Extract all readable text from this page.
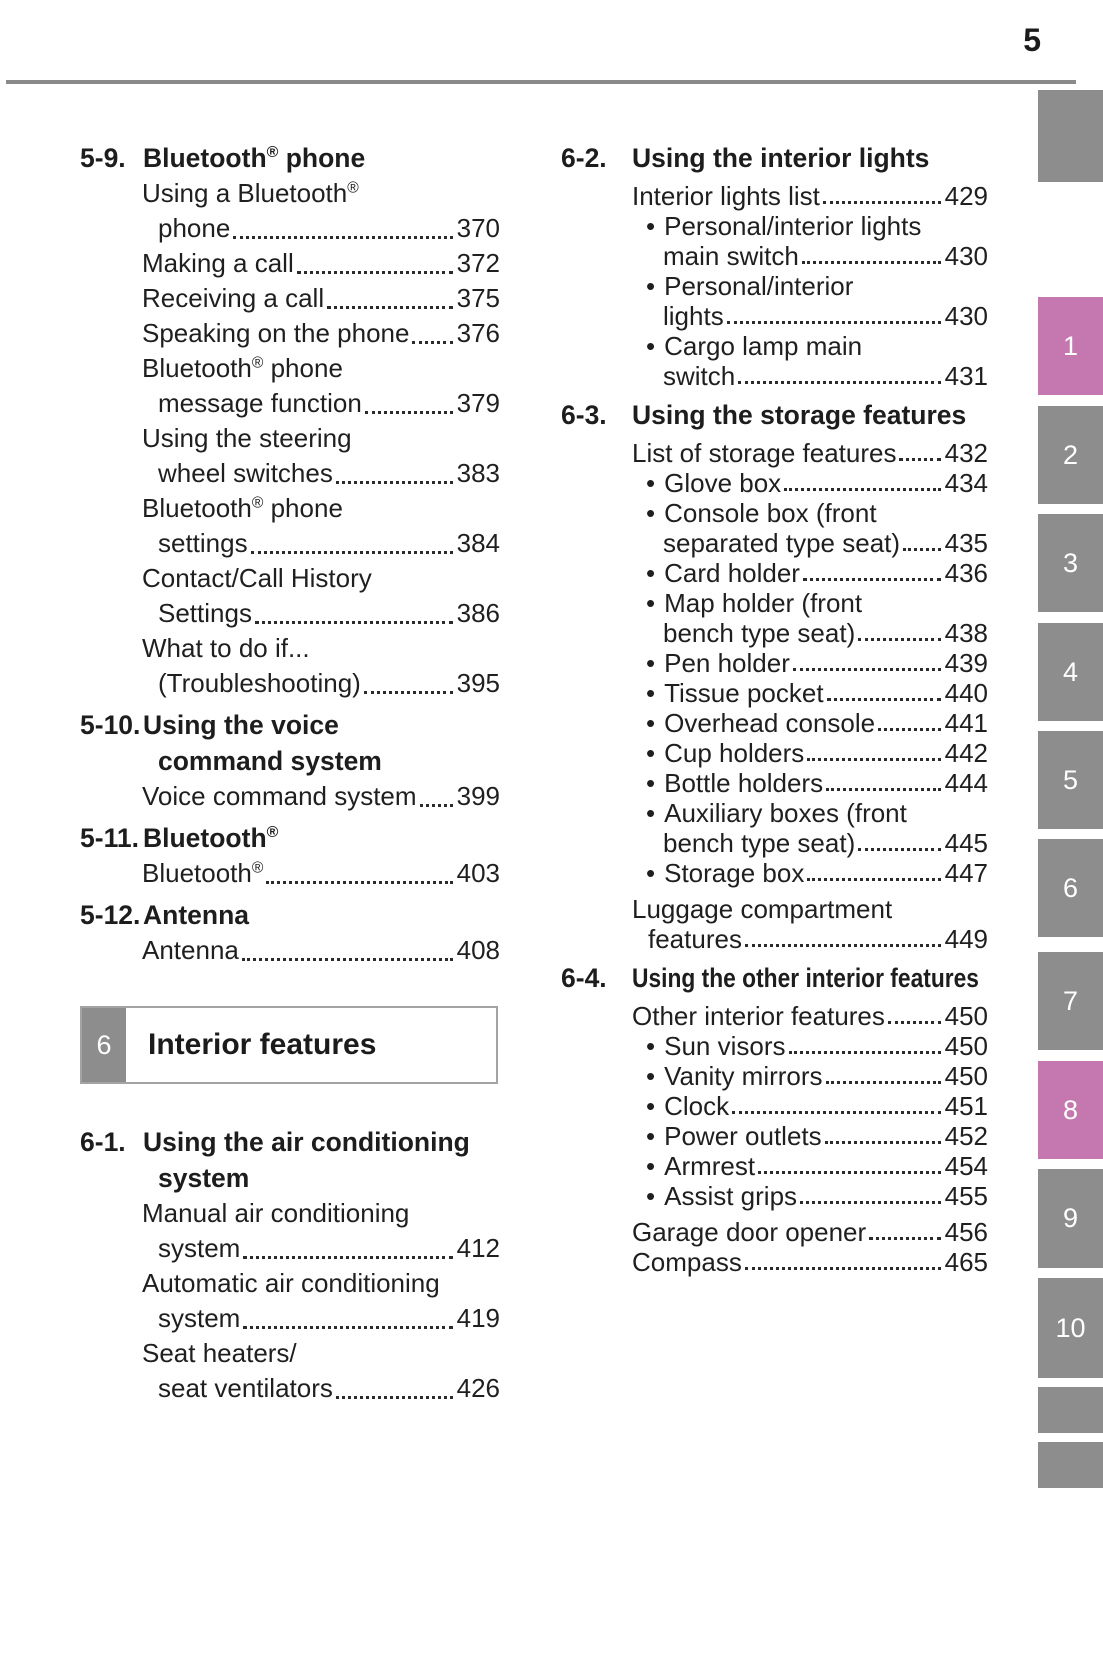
5
1
2
3
4
5
6
7
8
9
10
5-9. Bluetooth® phone
Using a Bluetooth®
phone	370
Making a call	372
Receiving a call	375
Speaking on the phone 376
Bluetooth® phone
message function	379
Using the steering
wheel switches	383
Bluetooth® phone
settings	384
Contact/Call History
Settings	386
What to do if...
(Troubleshooting)	395
5-10. Using the voice
command system
Voice command system 399
5-11. Bluetooth®
Bluetooth®	403
5-12. Antenna
Antenna	408
6	Interior features
6-1. Using the air conditioning
system
Manual air conditioning
system	412
Automatic air conditioning
system	419
Seat heaters/
seat ventilators	426
6-2. Using the interior lights
Interior lights list	429
• Personal/interior lights
main switch	430
• Personal/interior
lights	430
• Cargo lamp main
switch	431
6-3. Using the storage features
List of storage features 432
• Glove box	434
• Console box (front
separated type seat) 435
• Card holder	436
• Map holder (front
bench type seat)	438
• Pen holder	439
• Tissue pocket	440
• Overhead console	441
• Cup holders	442
• Bottle holders	444
• Auxiliary boxes (front
bench type seat)	445
• Storage box	447
Luggage compartment
features	449
6-4. Using the other interior features
Other interior features 450
• Sun visors	450
• Vanity mirrors	450
• Clock	451
• Power outlets	452
• Armrest	454
• Assist grips	455
Garage door opener	456
Compass	465
